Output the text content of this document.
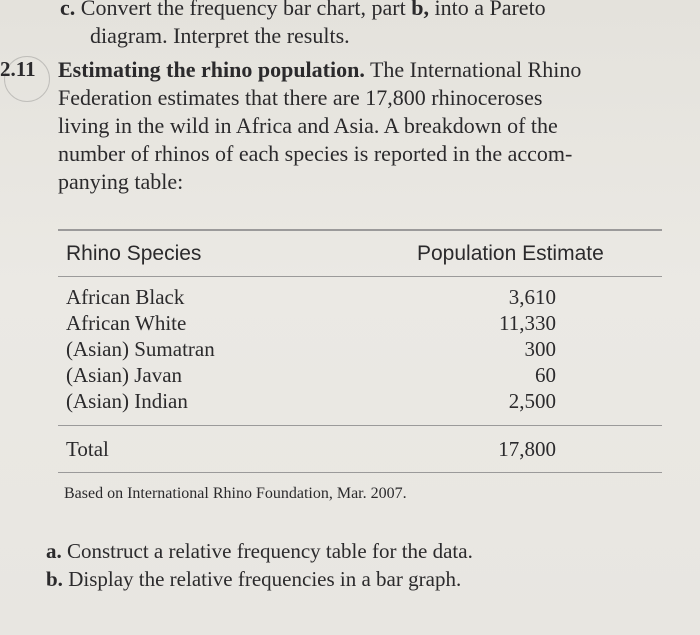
c. Convert the frequency bar chart, part b, into a Pareto
diagram. Interpret the results.
2.11 Estimating the rhino population. The International Rhino
Federation estimates that there are 17,800 rhinoceroses
living in the wild in Africa and Asia. A breakdown of the
number of rhinos of each species is reported in the accom-
panying table:
Rhino Species	Population Estimate
African Black	3,610
African White	11,330
(Asian) Sumatran	300
(Asian) Javan	60
(Asian) Indian	2,500
Total	17,800
Based on International Rhino Foundation, Mar. 2007.
a. Construct a relative frequency table for the data.
b. Display the relative frequencies in a bar graph.
